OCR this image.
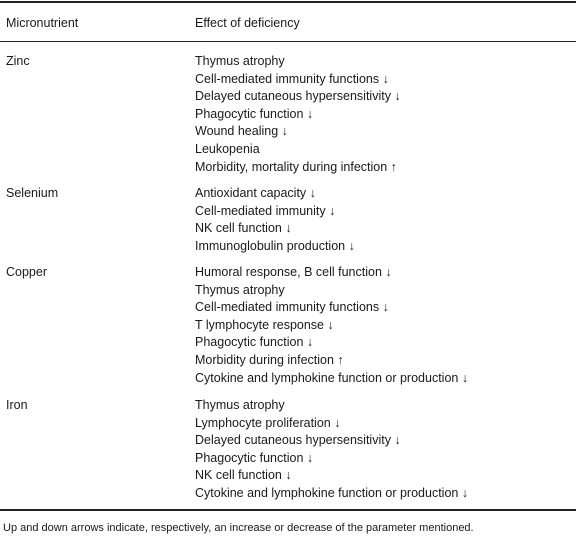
Micronutrient	Effect of deficiency
Zinc	Thymus atrophy
Cell-mediated immunity functions ↓
Delayed cutaneous hypersensitivity ↓
Phagocytic function ↓
Wound healing ↓
Leukopenia
Morbidity, mortality during infection ↑
Selenium	Antioxidant capacity ↓
Cell-mediated immunity ↓
NK cell function ↓
Immunoglobulin production ↓
Copper	Humoral response, B cell function ↓
Thymus atrophy
Cell-mediated immunity functions ↓
T lymphocyte response ↓
Phagocytic function ↓
Morbidity during infection ↑
Cytokine and lymphokine function or production ↓
Iron	Thymus atrophy
Lymphocyte proliferation ↓
Delayed cutaneous hypersensitivity ↓
Phagocytic function ↓
NK cell function ↓
Cytokine and lymphokine function or production ↓
Up and down arrows indicate, respectively, an increase or decrease of the parameter mentioned.
